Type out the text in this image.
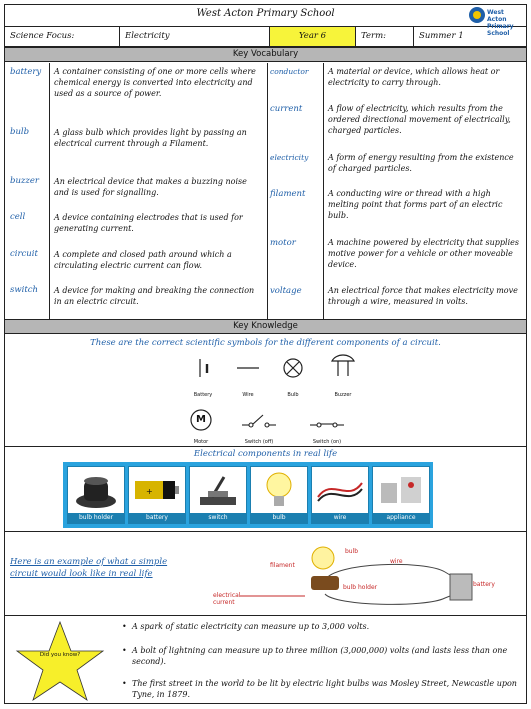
West Acton Primary School	West Acton
Primary School
Science Focus:	Electricity	Year 6	Term:	Summer 1
Key Vocabulary
battery A container consisting of one or more cells where chemical energy is converted into electricity and used as a source of power.
bulb	A glass bulb which provides light by passing an electrical current through a Filament.
buzzer An electrical device that makes a buzzing noise and is used for signalling.
cell	A device containing electrodes that is used for generating current.
circuit A complete and closed path around which a circulating electric current can flow.
switch A device for making and breaking the connection in an electric circuit.
conductor A material or device, which allows heat or electricity to carry through.
current	A flow of electricity, which results from the ordered directional movement of electrically, charged particles.
electricity A form of energy resulting from the existence of charged particles.
filament	A conducting wire or thread with a high melting point that forms part of an electric bulb.
motor	A machine powered by electricity that supplies motive power for a vehicle or other moveable device.
voltage	An electrical force that makes electricity move through a wire, measured in volts.
Key Knowledge
These are the correct scientific symbols for the different components of a circuit.
M
Battery	Wire	Bulb	Buzzer
Motor	Switch (off)	Switch (on)
Electrical components in real life
bulb holder
+
battery	switch	bulb	wire	appliance
Here is an example of what a simple circuit would look like in real life
bulb
filament
wire
bulb holder	battery
electrical
current
Did you know?
• A spark of static electricity can measure up to 3,000 volts.
• A bolt of lightning can measure up to three million (3,000,000) volts (and lasts less than one second).
• The first street in the world to be lit by electric light bulbs was Mosley Street, Newcastle upon Tyne, in 1879.
